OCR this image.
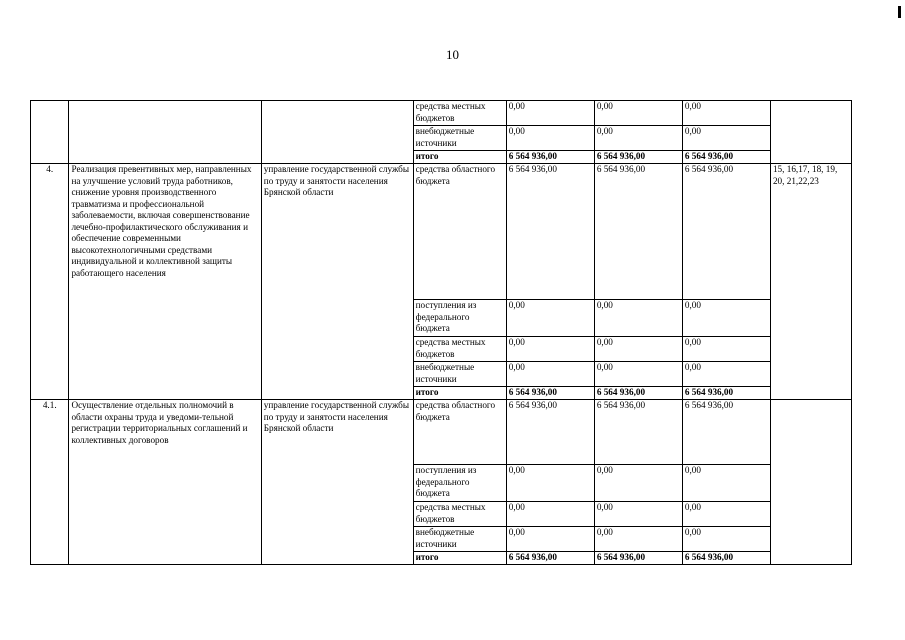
10
			средства местных бюджетов	0,00	0,00	0,00	
			внебюджетные источники	0,00	0,00	0,00	
			итого	6 564 936,00	6 564 936,00	6 564 936,00	
4.	Реализация превентивных мер, направленных на улучшение условий труда работников, снижение уровня производственного травматизма и профессиональной заболеваемости, включая совершенствование лечебно-профилактического обслуживания и обеспечение современными высокотехнологичными средствами индивидуальной и коллективной защиты работающего населения	управление государственной службы по труду и занятости населения Брянской области	средства областного бюджета	6 564 936,00	6 564 936,00	6 564 936,00	15, 16,17, 18, 19, 20, 21,22,23
			поступления из федерального бюджета	0,00	0,00	0,00	
			средства местных бюджетов	0,00	0,00	0,00	
			внебюджетные источники	0,00	0,00	0,00	
			итого	6 564 936,00	6 564 936,00	6 564 936,00	
4.1.	Осуществление отдельных полномочий в области охраны труда и уведоми-тельной регистрации территориальных соглашений и коллективных договоров	управление государственной службы по труду и занятости населения Брянской области	средства областного бюджета	6 564 936,00	6 564 936,00	6 564 936,00	
			поступления из федерального бюджета	0,00	0,00	0,00	
			средства местных бюджетов	0,00	0,00	0,00	
			внебюджетные источники	0,00	0,00	0,00	
			итого	6 564 936,00	6 564 936,00	6 564 936,00	
